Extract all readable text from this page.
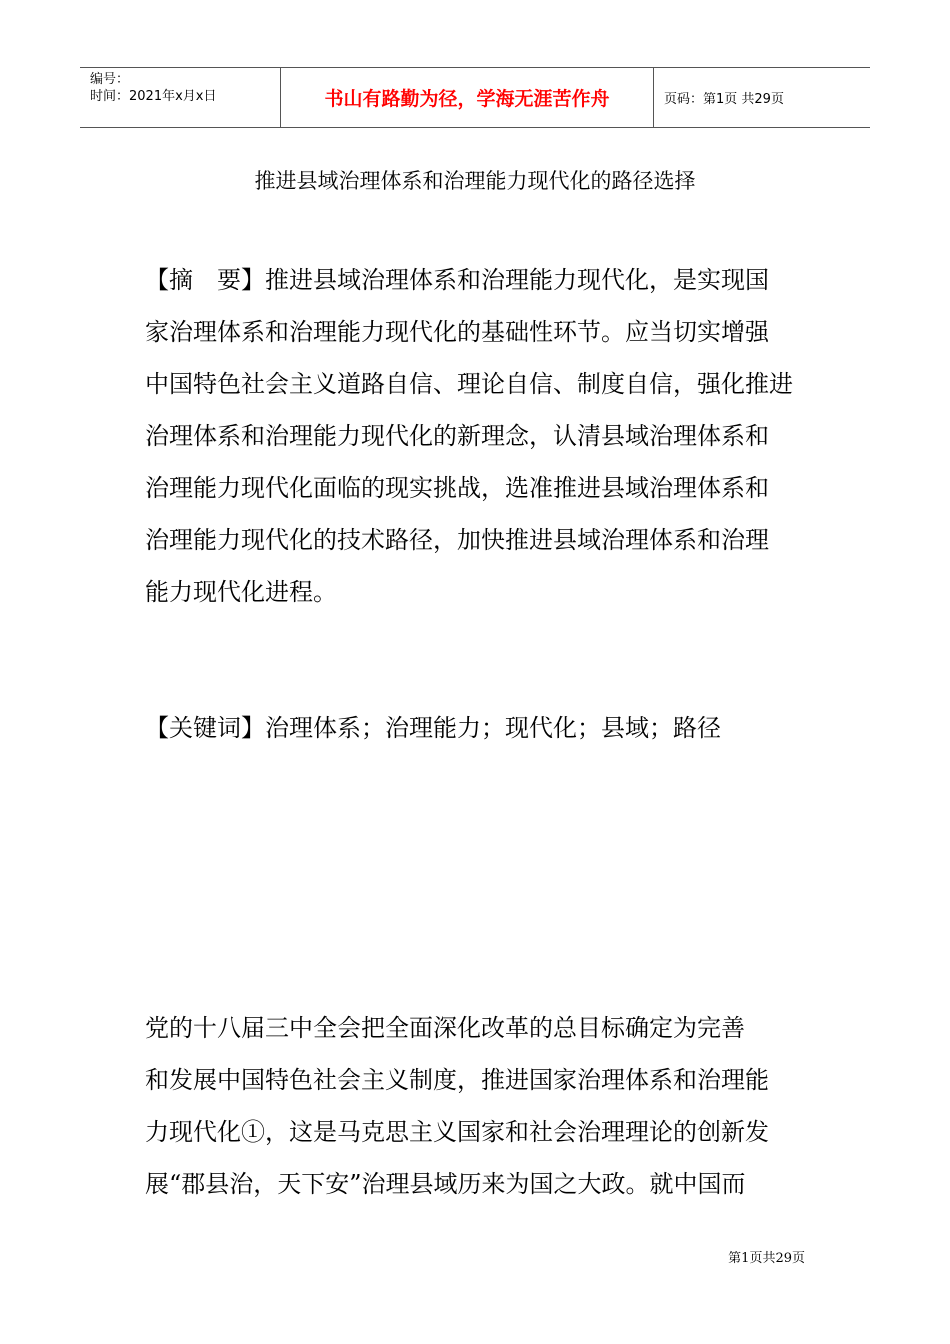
编号：
时间：2021年x月x日	书山有路勤为径，学海无涯苦作舟	页码：第1页 共29页
推进县域治理体系和治理能力现代化的路径选择
【摘　要】推进县域治理体系和治理能力现代化，是实现国
家治理体系和治理能力现代化的基础性环节。应当切实增强
中国特色社会主义道路自信、理论自信、制度自信，强化推进
治理体系和治理能力现代化的新理念，认清县域治理体系和
治理能力现代化面临的现实挑战，选准推进县域治理体系和
治理能力现代化的技术路径，加快推进县域治理体系和治理
能力现代化进程。
【关键词】治理体系；治理能力；现代化；县域；路径
党的十八届三中全会把全面深化改革的总目标确定为完善
和发展中国特色社会主义制度，推进国家治理体系和治理能
力现代化①，这是马克思主义国家和社会治理理论的创新发
展“郡县治，天下安”治理县域历来为国之大政。就中国而
第1页共29页
